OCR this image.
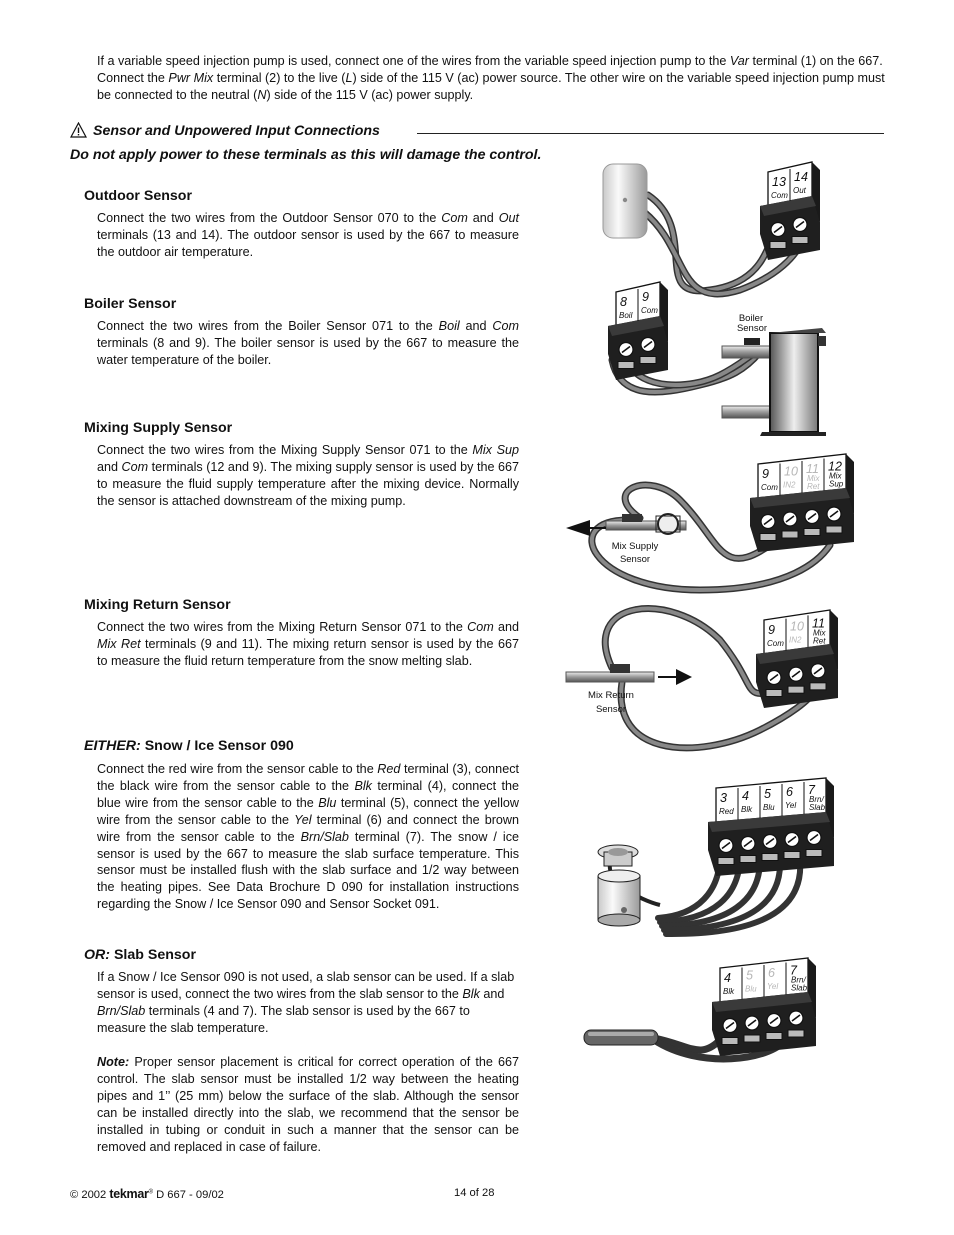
If a variable speed injection pump is used, connect one of the wires from the variable speed injection pump to the Var terminal (1) on the 667. Connect the Pwr Mix terminal (2) to the live (L) side of the 115 V (ac) power source. The other wire on the variable speed injection pump must be connected to the neutral (N) side of the 115 V (ac) power supply.

Sensor and Unpowered Input Connections
Do not apply power to these terminals as this will damage the control.
Outdoor Sensor

Connect the two wires from the Outdoor Sensor 070 to the Com and Out terminals (13 and 14). The outdoor sensor is used by the 667 to measure the outdoor air temperature.

Boiler Sensor

Connect the two wires from the Boiler Sensor 071 to the Boil and Com terminals (8 and 9). The boiler sensor is used by the 667 to measure the water temperature of the boiler.

Mixing Supply Sensor

Connect the two wires from the Mixing Supply Sensor 071 to the Mix Sup and Com terminals (12 and 9). The mixing supply sensor is used by the 667 to measure the fluid supply temperature after the mixing device. Normally the sensor is attached downstream of the mixing pump.

Mixing Return Sensor

Connect the two wires from the Mixing Return Sensor 071 to the Com and Mix Ret terminals (9 and 11). The mixing return sensor is used by the 667 to measure the fluid return temperature from the snow melting slab.

EITHER: Snow / Ice Sensor 090

Connect the red wire from the sensor cable to the Red terminal (3), connect the black wire from the sensor cable to the Blk terminal (4), connect the blue wire from the sensor cable to the Blu terminal (5), connect the yellow wire from the sensor cable to the Yel terminal (6) and connect the brown wire from the sensor cable to the Brn/Slab terminal (7). The snow / ice sensor is used by the 667 to measure the slab surface temperature. This sensor must be installed flush with the slab surface and 1/2 way between the heating pipes. See Data Brochure D 090 for installation instructions regarding the Snow / Ice Sensor 090 and Sensor Socket 091.

OR: Slab Sensor

If a Snow / Ice Sensor 090 is not used, a slab sensor can be used. If a slab sensor is used, connect the two wires from the slab sensor to the Blk and Brn/Slab terminals (4 and 7). The slab sensor is used by the 667 to measure the slab temperature.

Note: Proper sensor placement is critical for correct operation of the 667 control. The slab sensor must be installed 1/2 way between the heating pipes and 1’’ (25 mm) below the surface of the slab. Although the sensor can be installed directly into the slab, we recommend that the sensor be installed in tubing or conduit in such a manner that the sensor can be removed and replaced in case of failure.

13
Com
14
Out
Boiler
Sensor
8
Boil
9
Com
Mix Supply
Sensor
9
Com
10
IN2
11
Mix
Ret
12
Mix
Sup
Mix Return
Sensor
9
Com
10
IN2
11
Mix
Ret
3
Red
4
Blk
5
Blu
6
Yel
7
Brn/
Slab
4
Blk
5
Blu
6
Yel
7
Brn/
Slab
© 2002 tekmar® D 667 - 09/02	14 of 28
